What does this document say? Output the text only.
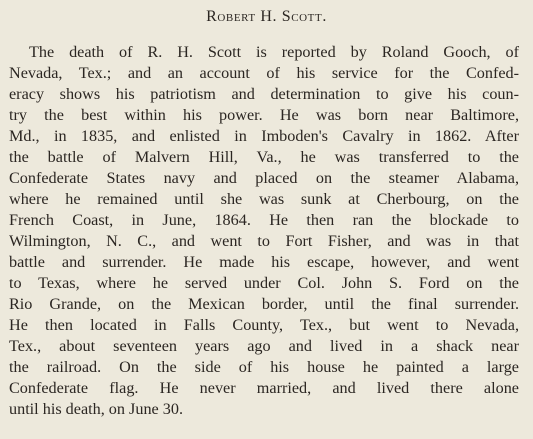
Robert H. Scott.
The death of R. H. Scott is reported by Roland Gooch, of
Nevada, Tex.; and an account of his service for the Confed-
eracy shows his patriotism and determination to give his coun-
try the best within his power. He was born near Baltimore,
Md., in 1835, and enlisted in Imboden's Cavalry in 1862. After
the battle of Malvern Hill, Va., he was transferred to the
Confederate States navy and placed on the steamer Alabama,
where he remained until she was sunk at Cherbourg, on the
French Coast, in June, 1864. He then ran the blockade to
Wilmington, N. C., and went to Fort Fisher, and was in that
battle and surrender. He made his escape, however, and went
to Texas, where he served under Col. John S. Ford on the
Rio Grande, on the Mexican border, until the final surrender.
He then located in Falls County, Tex., but went to Nevada,
Tex., about seventeen years ago and lived in a shack near
the railroad. On the side of his house he painted a large
Confederate flag. He never married, and lived there alone
until his death, on June 30.
